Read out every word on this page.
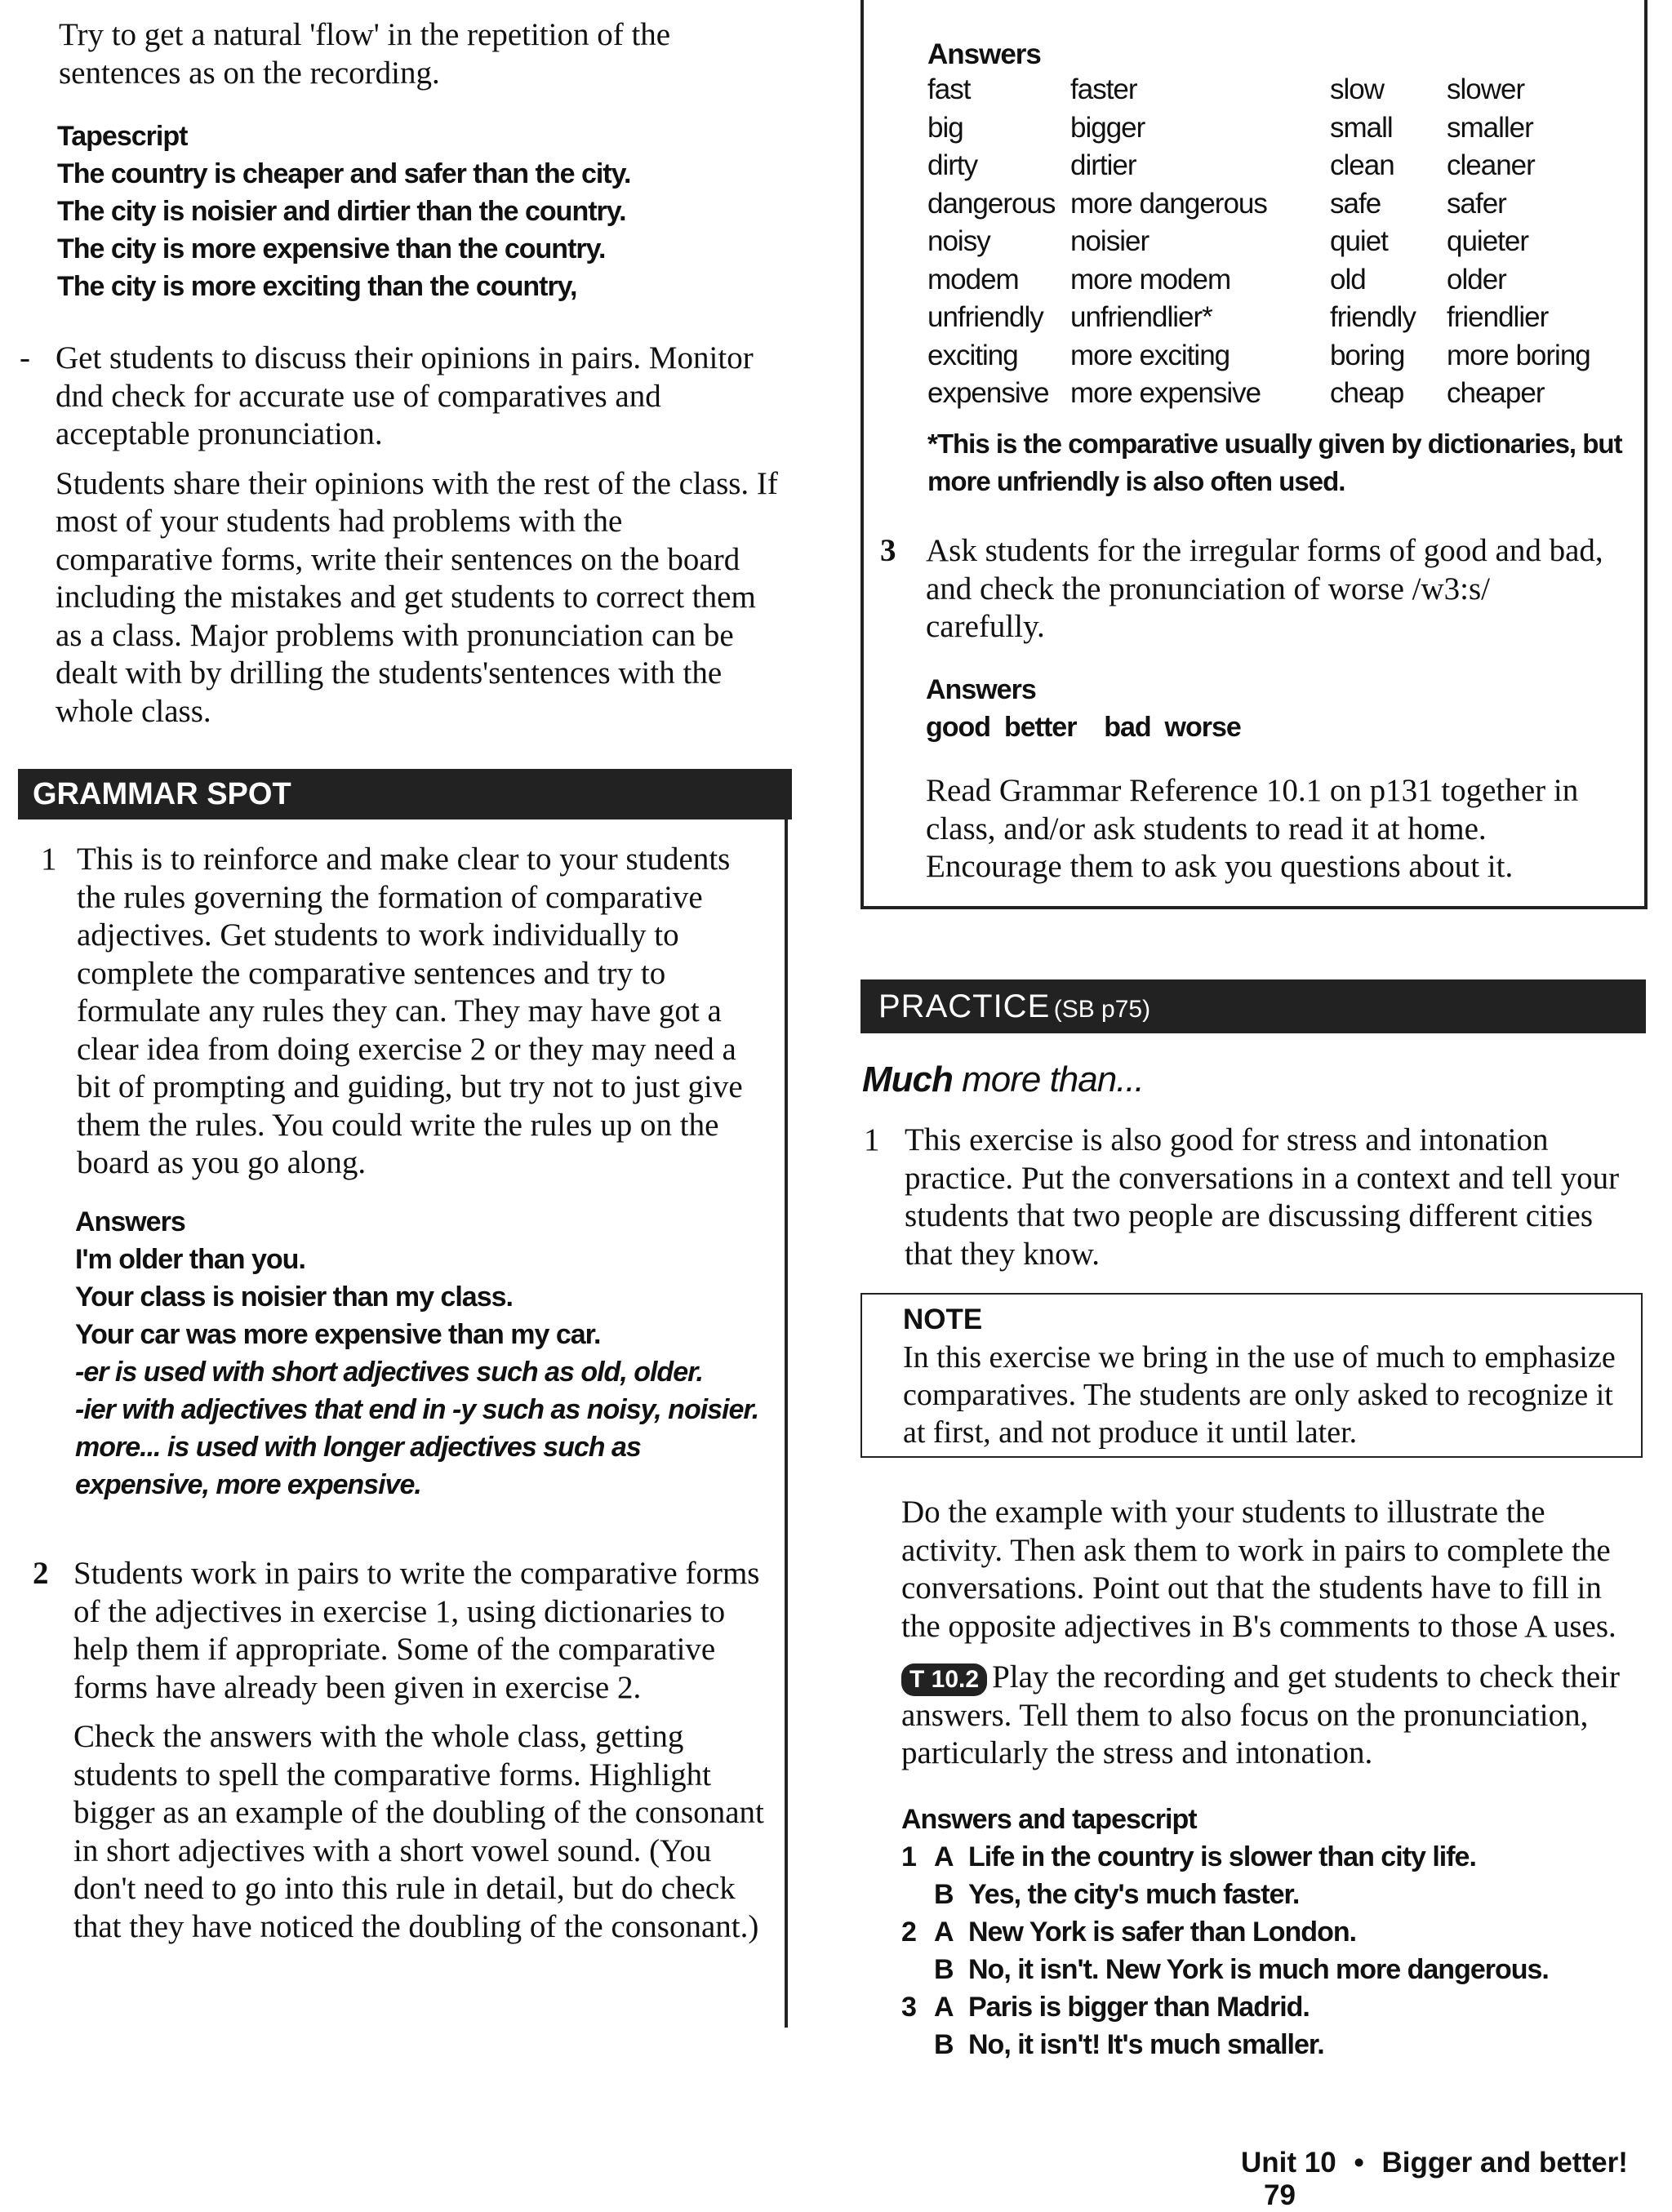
Try to get a natural 'flow' in the repetition of the

sentences as on the recording.

Tapescript

The country is cheaper and safer than the city.

The city is noisier and dirtier than the country.

The city is more expensive than the country.

The city is more exciting than the country,

- Get students to discuss their opinions in pairs. Monitor dnd check for accurate use of comparatives and acceptable pronunciation.

Students share their opinions with the rest of the class. If most of your students had problems with the comparative forms, write their sentences on the board including the mistakes and get students to correct them as a class. Major problems with pronunciation can be dealt with by drilling the students'sentences with the whole class.

GRAMMAR SPOT
1 This is to reinforce and make clear to your students the rules governing the formation of comparative adjectives. Get students to work individually to complete the comparative sentences and try to formulate any rules they can. They may have got a clear idea from doing exercise 2 or they may need a bit of prompting and guiding, but try not to just give them the rules. You could write the rules up on the board as you go along.

Answers

I'm older than you.

Your class is noisier than my class.

Your car was more expensive than my car.

-er is used with short adjectives such as old, older.

-ier with adjectives that end in -y such as noisy, noisier.

more... is used with longer adjectives such as expensive, more expensive.

2 Students work in pairs to write the comparative forms of the adjectives in exercise 1, using dictionaries to help them if appropriate. Some of the comparative forms have already been given in exercise 2.

Check the answers with the whole class, getting students to spell the comparative forms. Highlight bigger as an example of the doubling of the consonant in short adjectives with a short vowel sound. (You don't need to go into this rule in detail, but do check that they have noticed the doubling of the consonant.)

Answers

fast	faster	slow	slower
big	bigger	small	smaller
dirty	dirtier	clean	cleaner
dangerous	more dangerous	safe	safer
noisy	noisier	quiet	quieter
modem	more modem	old	older
unfriendly	unfriendlier*	friendly	friendlier
exciting	more exciting	boring	more boring
expensive	more expensive	cheap	cheaper

*This is the comparative usually given by dictionaries, but

more unfriendly is also often used.

3 Ask students for the irregular forms of good and bad, and check the pronunciation of worse /w3:s/ carefully.

Answers

good  better    bad  worse

Read Grammar Reference 10.1 on p131 together in class, and/or ask students to read it at home. Encourage them to ask you questions about it.

PRACTICE (SB p75)
Much more than...
1 This exercise is also good for stress and intonation practice. Put the conversations in a context and tell your students that two people are discussing different cities that they know.

NOTE

In this exercise we bring in the use of much to emphasize comparatives. The students are only asked to recognize it at first, and not produce it until later.

Do the example with your students to illustrate the activity. Then ask them to work in pairs to complete the conversations. Point out that the students have to fill in the opposite adjectives in B's comments to those A uses.

T 10.2 Play the recording and get students to check their answers. Tell them to also focus on the pronunciation, particularly the stress and intonation.

Answers and tapescript

1 A Life in the country is slower than city life.
B Yes, the city's much faster.
2 A New York is safer than London.
B No, it isn't. New York is much more dangerous.
3 A Paris is bigger than Madrid.
B No, it isn't! It's much smaller.
Unit 10 • Bigger and better! 79
